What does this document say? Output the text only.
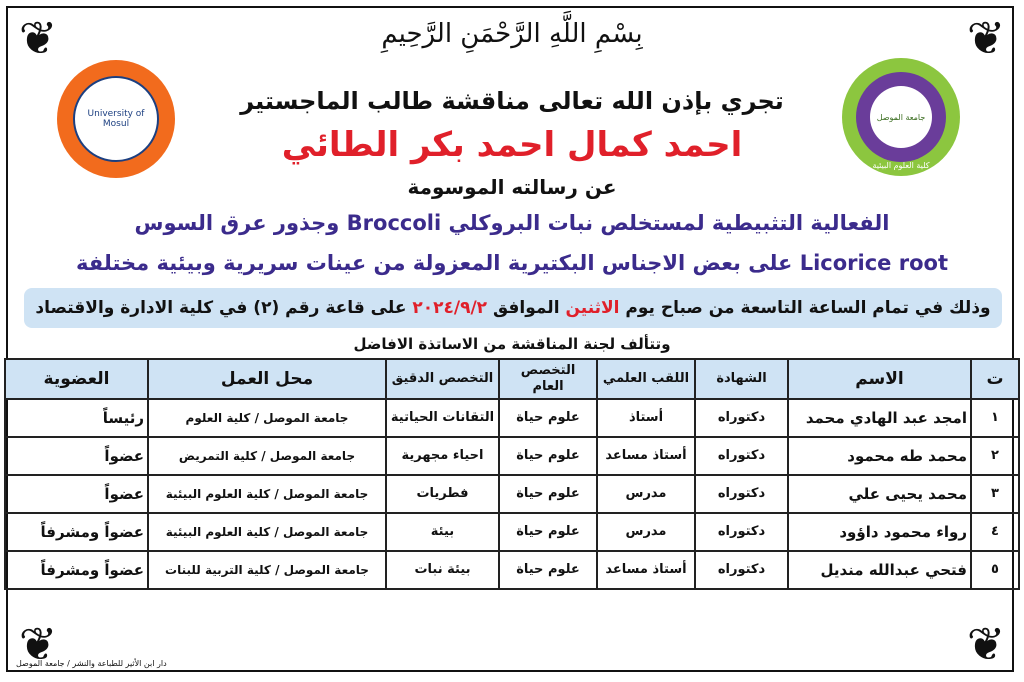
❦	❦
❦	❦
University of Mosul
جامعة الموصل
كلية العلوم البيئية
بِسْمِ اللَّهِ الرَّحْمَنِ الرَّحِيمِ
تجري بإذن الله تعالى مناقشة طالب الماجستير
احمد كمال احمد بكر الطائي
عن رسالته الموسومة
الفعالية التثبيطية لمستخلص نبات البروكلي Broccoli وجذور عرق السوس
Licorice root على بعض الاجناس البكتيرية المعزولة من عينات سريرية وبيئية مختلفة
وذلك في تمام الساعة التاسعة من صباح يوم الاثنين الموافق ٢٠٢٤/٩/٢ على قاعة رقم (٢) في كلية الادارة والاقتصاد
وتتألف لجنة المناقشة من الاساتذة الافاضل
ت	الاسم	الشهادة	اللقب العلمي	التخصص العام	التخصص الدقيق	محل العمل	العضوية
١	امجد عبد الهادي محمد	دكتوراه	أستاذ	علوم حياة	التقانات الحياتية	جامعة الموصل / كلية العلوم	رئيساً
٢	محمد طه محمود	دكتوراه	أستاذ مساعد	علوم حياة	احياء مجهرية	جامعة الموصل / كلية التمريض	عضواً
٣	محمد يحيى علي	دكتوراه	مدرس	علوم حياة	فطريات	جامعة الموصل / كلية العلوم البيئية	عضواً
٤	رواء محمود داؤود	دكتوراه	مدرس	علوم حياة	بيئة	جامعة الموصل / كلية العلوم البيئية	عضواً ومشرفاً
٥	فتحي عبدالله منديل	دكتوراه	أستاذ مساعد	علوم حياة	بيئة نبات	جامعة الموصل / كلية التربية للبنات	عضواً ومشرفاً
دار ابن الأثير للطباعة والنشر / جامعة الموصل
